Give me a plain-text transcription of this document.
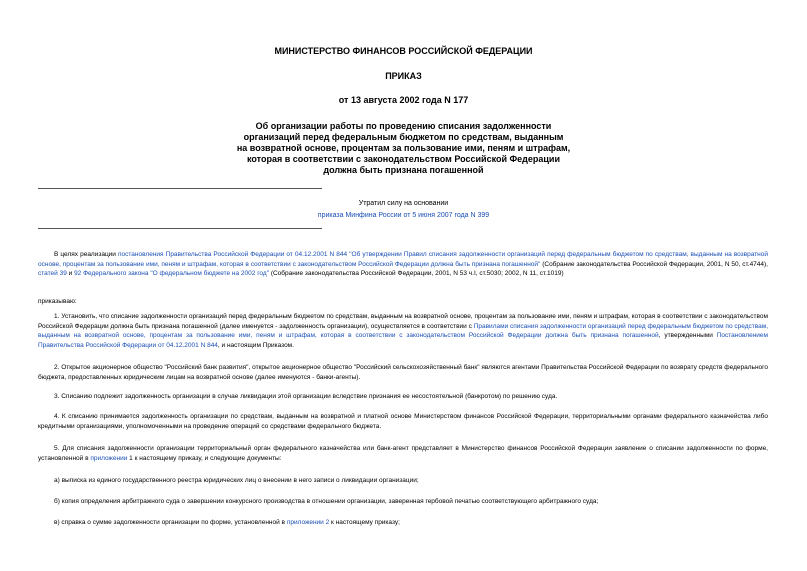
МИНИСТЕРСТВО ФИНАНСОВ РОССИЙСКОЙ ФЕДЕРАЦИИ
ПРИКАЗ
от 13 августа 2002 года N 177
Об организации работы по проведению списания задолженности
организаций перед федеральным бюджетом по средствам, выданным
на возвратной основе, процентам за пользование ими, пеням и штрафам,
которая в соответствии с законодательством Российской Федерации
должна быть признана погашенной
Утратил силу на основании
приказа Минфина России от 5 июня 2007 года N 399
В целях реализации постановления Правительства Российской Федерации от 04.12.2001 N 844 "Об утверждении Правил списания задолженности организаций перед федеральным бюджетом по средствам, выданным на возвратной основе, процентам за пользование ими, пеням и штрафам, которая в соответствии с законодательством Российской Федерации должна быть признана погашенной" (Собрание законодательства Российской Федерации, 2001, N 50, ст.4744), статей 39 и 92 Федерального закона "О федеральном бюджете на 2002 год" (Собрание законодательства Российской Федерации, 2001, N 53 ч.I, ст.5030; 2002, N 11, ст.1019)
приказываю:
1. Установить, что списание задолженности организаций перед федеральным бюджетом по средствам, выданным на возвратной основе, процентам за пользование ими, пеням и штрафам, которая в соответствии с законодательством Российской Федерации должна быть признана погашенной (далее именуется - задолженность организации), осуществляется в соответствии с Правилами списания задолженности организаций перед федеральным бюджетом по средствам, выданным на возвратной основе, процентам за пользование ими, пеням и штрафам, которая в соответствии с законодательством Российской Федерации должна быть признана погашенной, утвержденными Постановлением Правительства Российской Федерации от 04.12.2001 N 844, и настоящим Приказом.
2. Открытое акционерное общество "Российский банк развития", открытое акционерное общество "Российский сельскохозяйственный банк" являются агентами Правительства Российской Федерации по возврату средств федерального бюджета, предоставленных юридическим лицам на возвратной основе (далее именуются - банки-агенты).
3. Списанию подлежит задолженность организации в случае ликвидации этой организации вследствие признания ее несостоятельной (банкротом) по решению суда.
4. К списанию принимается задолженность организации по средствам, выданным на возвратной и платной основе Министерством финансов Российской Федерации, территориальными органами федерального казначейства либо кредитными организациями, уполномоченными на проведение операций со средствами федерального бюджета.
5. Для списания задолженности организации территориальный орган федерального казначейства или банк-агент представляет в Министерство финансов Российской Федерации заявление о списании задолженности по форме, установленной в приложении 1 к настоящему приказу, и следующие документы:
а) выписка из единого государственного реестра юридических лиц о внесении в него записи о ликвидации организации;
б) копия определения арбитражного суда о завершении конкурсного производства в отношении организации, заверенная гербовой печатью соответствующего арбитражного суда;
в) справка о сумме задолженности организации по форме, установленной в приложении 2 к настоящему приказу;
